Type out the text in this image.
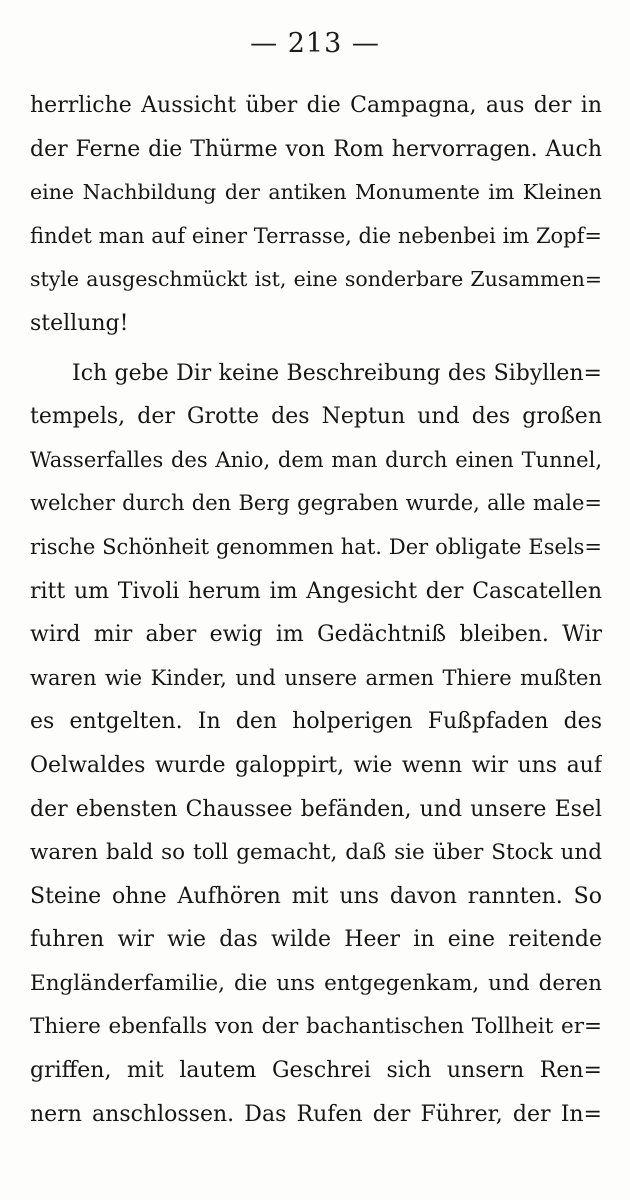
— 213 —
herrliche Aussicht über die Campagna, aus der in
der Ferne die Thürme von Rom hervorragen. Auch
eine Nachbildung der antiken Monumente im Kleinen
findet man auf einer Terrasse, die nebenbei im Zopf=
style ausgeschmückt ist, eine sonderbare Zusammen=
stellung!
Ich gebe Dir keine Beschreibung des Sibyllen=
tempels, der Grotte des Neptun und des großen
Wasserfalles des Anio, dem man durch einen Tunnel,
welcher durch den Berg gegraben wurde, alle male=
rische Schönheit genommen hat. Der obligate Esels=
ritt um Tivoli herum im Angesicht der Cascatellen
wird mir aber ewig im Gedächtniß bleiben. Wir
waren wie Kinder, und unsere armen Thiere mußten
es entgelten. In den holperigen Fußpfaden des
Oelwaldes wurde galoppirt, wie wenn wir uns auf
der ebensten Chaussee befänden, und unsere Esel
waren bald so toll gemacht, daß sie über Stock und
Steine ohne Aufhören mit uns davon rannten. So
fuhren wir wie das wilde Heer in eine reitende
Engländerfamilie, die uns entgegenkam, und deren
Thiere ebenfalls von der bachantischen Tollheit er=
griffen, mit lautem Geschrei sich unsern Ren=
nern anschlossen. Das Rufen der Führer, der In=
